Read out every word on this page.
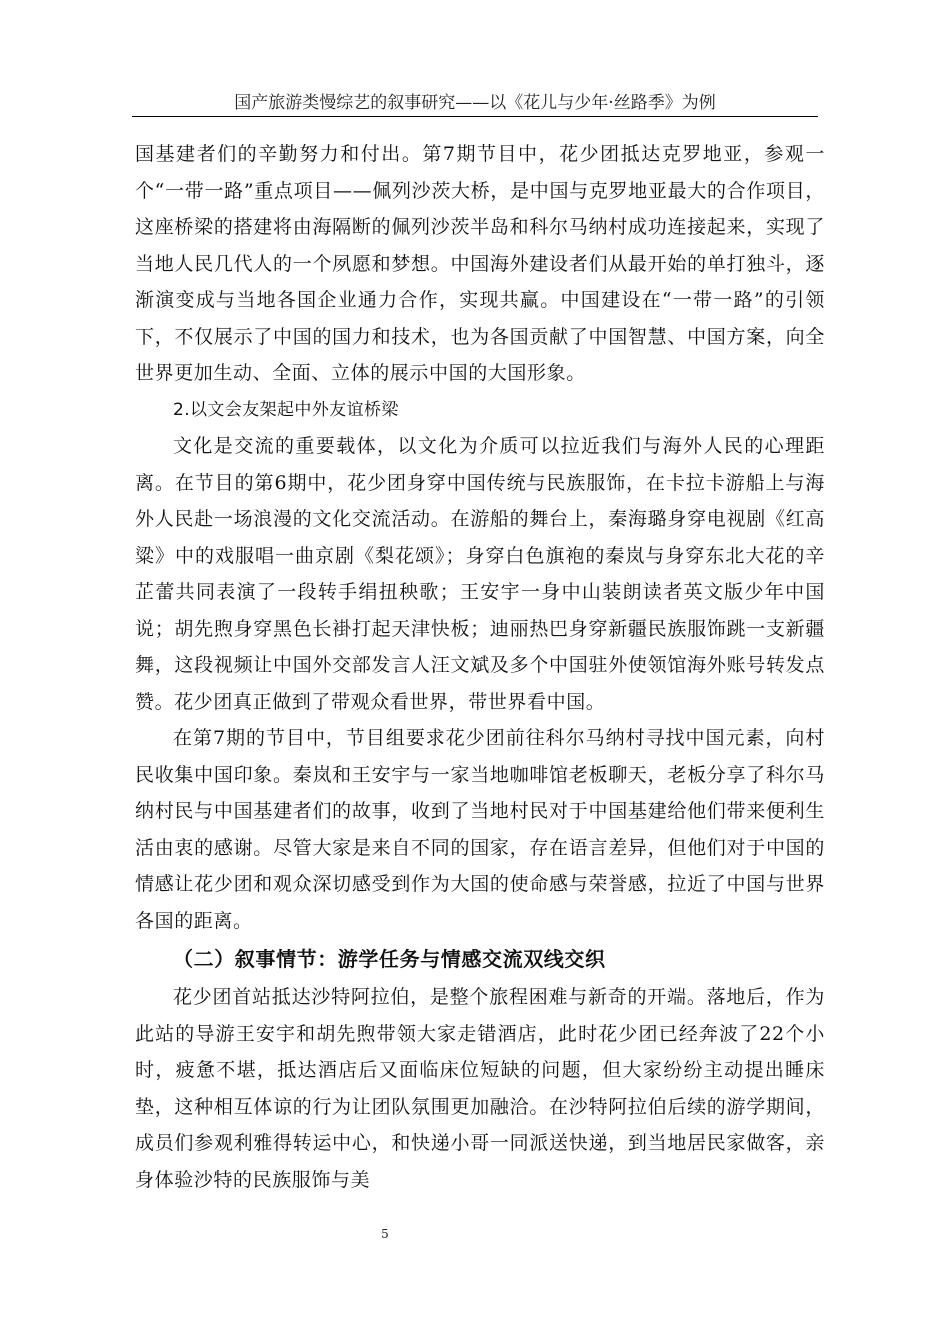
国产旅游类慢综艺的叙事研究——以《花儿与少年·丝路季》为例

国基建者们的辛勤努力和付出。第7期节目中，花少团抵达克罗地亚，参观一个“一带一路”重点项目——佩列沙茨大桥，是中国与克罗地亚最大的合作项目，这座桥梁的搭建将由海隔断的佩列沙茨半岛和科尔马纳村成功连接起来，实现了当地人民几代人的一个夙愿和梦想。中国海外建设者们从最开始的单打独斗，逐渐演变成与当地各国企业通力合作，实现共赢。中国建设在“一带一路”的引领下，不仅展示了中国的国力和技术，也为各国贡献了中国智慧、中国方案，向全世界更加生动、全面、立体的展示中国的大国形象。

2.以文会友架起中外友谊桥梁

文化是交流的重要载体，以文化为介质可以拉近我们与海外人民的心理距离。在节目的第6期中，花少团身穿中国传统与民族服饰，在卡拉卡游船上与海外人民赴一场浪漫的文化交流活动。在游船的舞台上，秦海璐身穿电视剧《红高粱》中的戏服唱一曲京剧《梨花颂》；身穿白色旗袍的秦岚与身穿东北大花的辛芷蕾共同表演了一段转手绢扭秧歌；王安宇一身中山装朗读者英文版少年中国说；胡先煦身穿黑色长褂打起天津快板；迪丽热巴身穿新疆民族服饰跳一支新疆舞，这段视频让中国外交部发言人汪文斌及多个中国驻外使领馆海外账号转发点赞。花少团真正做到了带观众看世界，带世界看中国。

在第7期的节目中，节目组要求花少团前往科尔马纳村寻找中国元素，向村民收集中国印象。秦岚和王安宇与一家当地咖啡馆老板聊天，老板分享了科尔马纳村民与中国基建者们的故事，收到了当地村民对于中国基建给他们带来便利生活由衷的感谢。尽管大家是来自不同的国家，存在语言差异，但他们对于中国的情感让花少团和观众深切感受到作为大国的使命感与荣誉感，拉近了中国与世界各国的距离。

（二）叙事情节：游学任务与情感交流双线交织

花少团首站抵达沙特阿拉伯，是整个旅程困难与新奇的开端。落地后，作为此站的导游王安宇和胡先煦带领大家走错酒店，此时花少团已经奔波了22个小时，疲惫不堪，抵达酒店后又面临床位短缺的问题，但大家纷纷主动提出睡床垫，这种相互体谅的行为让团队氛围更加融洽。在沙特阿拉伯后续的游学期间，成员们参观利雅得转运中心，和快递小哥一同派送快递，到当地居民家做客，亲身体验沙特的民族服饰与美

5
